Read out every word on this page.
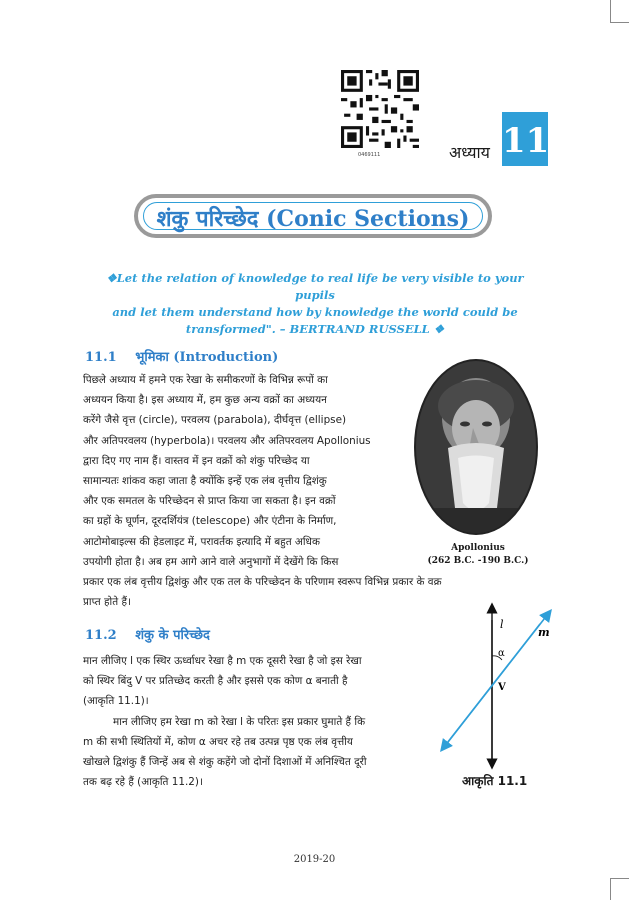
0469111	अध्याय 11
शंकु परिच्छेद (Conic Sections)
❖Let the relation of knowledge to real life be very visible to your pupils
and let them understand how by knowledge the world could be
transformed". – BERTRAND RUSSELL ❖
11.1 भूमिका (Introduction)
पिछले अध्याय में हमने एक रेखा के समीकरणों के विभिन्न रूपों का
अध्ययन किया है। इस अध्याय में, हम कुछ अन्य वक्रों का अध्ययन
करेंगे जैसे वृत्त (circle), परवलय (parabola), दीर्घवृत्त (ellipse)
और अतिपरवलय (hyperbola)। परवलय और अतिपरवलय Apollonius
द्वारा दिए गए नाम हैं। वास्तव में इन वक्रों को शंकु परिच्छेद या
सामान्यतः शांकव कहा जाता है क्योंकि इन्हें एक लंब वृत्तीय द्विशंकु
और एक समतल के परिच्छेदन से प्राप्त किया जा सकता है। इन वक्रों
का ग्रहों के घूर्णन, दूरदर्शियंत्र (telescope) और एंटीना के निर्माण,
आटोमोबाइल्स की हेडलाइट में, परावर्तक इत्यादि में बहुत अधिक
उपयोगी होता है। अब हम आगे आने वाले अनुभागों में देखेंगे कि किस
प्रकार एक लंब वृत्तीय द्विशंकु और एक तल के परिच्छेदन के परिणाम स्वरूप विभिन्न प्रकार के वक्र
प्राप्त होते हैं।
Apollonius
(262 B.C. -190 B.C.)
11.2 शंकु के परिच्छेद
मान लीजिए l एक स्थिर ऊर्ध्वाधर रेखा है m एक दूसरी रेखा है जो इस रेखा
को स्थिर बिंदु V पर प्रतिच्छेद करती है और इससे एक कोण α बनाती है
(आकृति 11.1)।
मान लीजिए हम रेखा m को रेखा l के परितः इस प्रकार घुमाते हैं कि
m की सभी स्थितियों में, कोण α अचर रहे तब उत्पन्न पृष्ठ एक लंब वृत्तीय
खोखले द्विशंकु हैं जिन्हें अब से शंकु कहेंगे जो दोनों दिशाओं में अनिश्चित दूरी
तक बढ़ रहे हैं (आकृति 11.2)।
l
m
α
V
आकृति 11.1
2019-20
